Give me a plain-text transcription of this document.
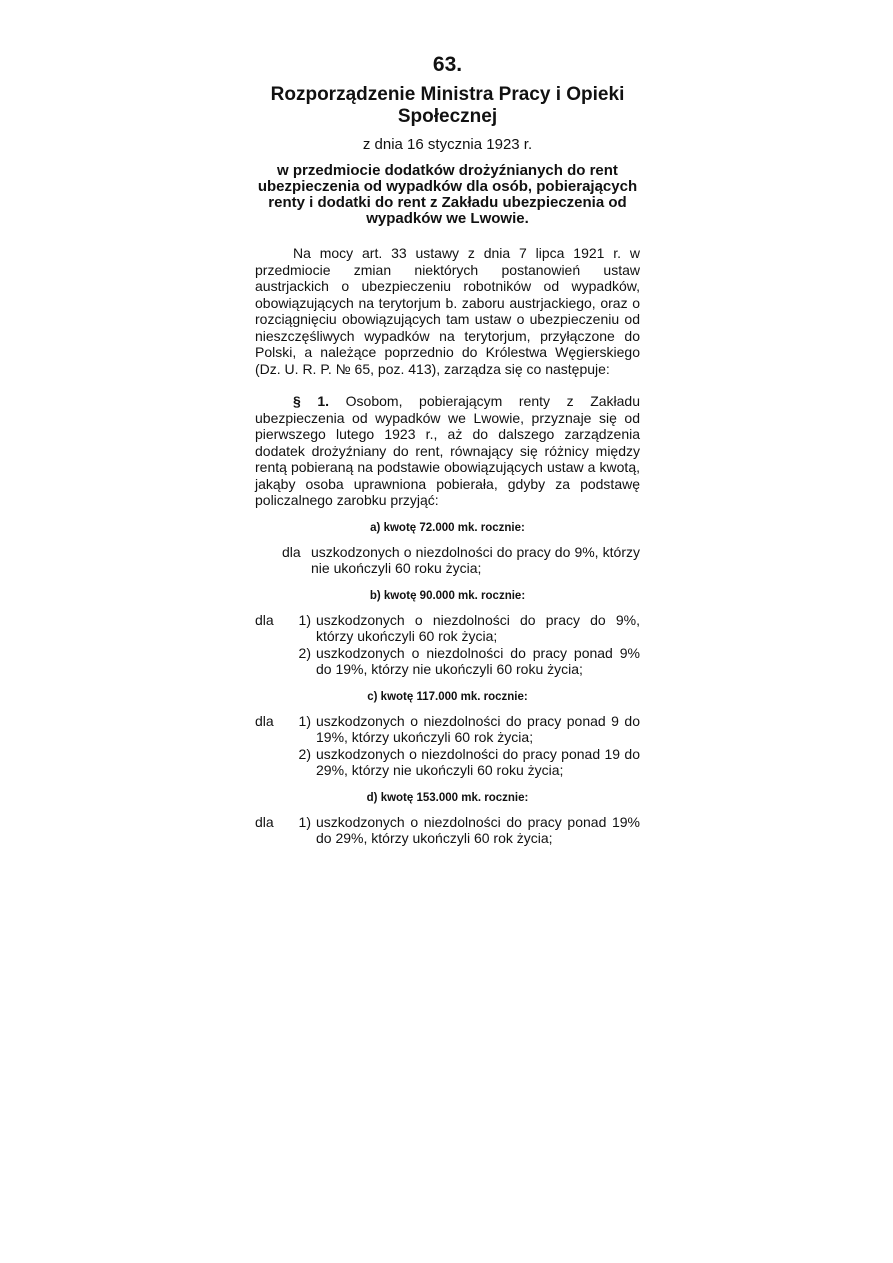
63.
Rozporządzenie Ministra Pracy i Opieki Społecznej
z dnia 16 stycznia 1923 r.
w przedmiocie dodatków drożyźnianych do rent ubezpieczenia od wypadków dla osób, pobierających renty i dodatki do rent z Zakładu ubezpieczenia od wypadków we Lwowie.
Na mocy art. 33 ustawy z dnia 7 lipca 1921 r. w przedmiocie zmian niektórych postanowień ustaw austrjackich o ubezpieczeniu robotników od wypadków, obowiązujących na terytorjum b. zaboru austrjackiego, oraz o rozciągnięciu obowiązujących tam ustaw o ubezpieczeniu od nieszczęśliwych wypadków na terytorjum, przyłączone do Polski, a należące poprzednio do Królestwa Węgierskiego (Dz. U. R. P. № 65, poz. 413), zarządza się co następuje:
§ 1. Osobom, pobierającym renty z Zakładu ubezpieczenia od wypadków we Lwowie, przyznaje się od pierwszego lutego 1923 r., aż do dalszego zarządzenia dodatek drożyźniany do rent, równający się różnicy między rentą pobieraną na podstawie obowiązujących ustaw a kwotą, jakąby osoba uprawniona pobierała, gdyby za podstawę policzalnego zarobku przyjąć:
a) kwotę 72.000 mk. rocznie:
dla uszkodzonych o niezdolności do pracy do 9%, którzy nie ukończyli 60 roku życia;
b) kwotę 90.000 mk. rocznie:
dla	1) uszkodzonych o niezdolności do pracy do 9%, którzy ukończyli 60 rok życia;
2) uszkodzonych o niezdolności do pracy ponad 9% do 19%, którzy nie ukończyli 60 roku życia;
c) kwotę 117.000 mk. rocznie:
dla	1) uszkodzonych o niezdolności do pracy ponad 9 do 19%, którzy ukończyli 60 rok życia;
2) uszkodzonych o niezdolności do pracy ponad 19 do 29%, którzy nie ukończyli 60 roku życia;
d) kwotę 153.000 mk. rocznie:
dla	1) uszkodzonych o niezdolności do pracy ponad 19% do 29%, którzy ukończyli 60 rok życia;
